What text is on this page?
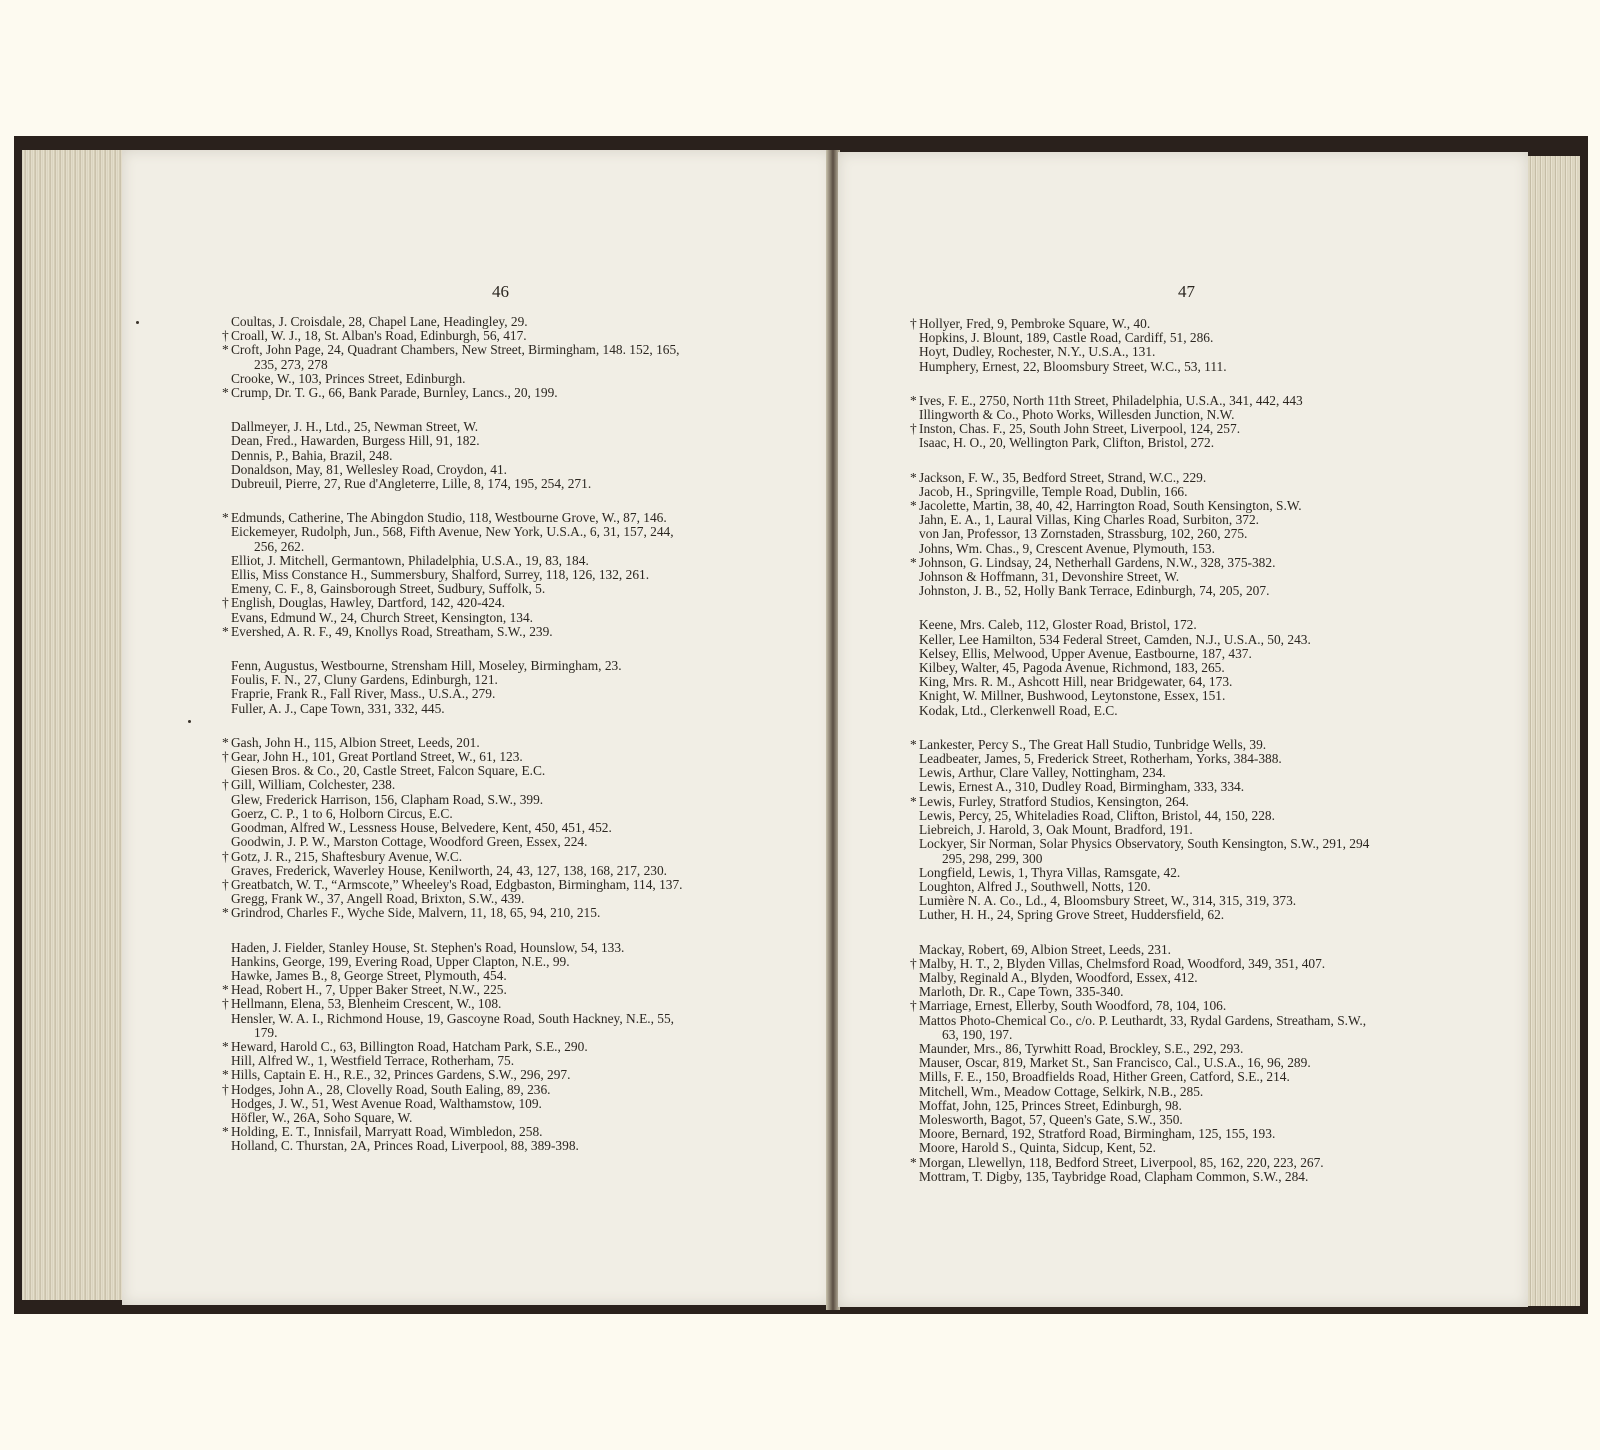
46
Coultas, J. Croisdale, 28, Chapel Lane, Headingley, 29.
† Croall, W. J., 18, St. Alban's Road, Edinburgh, 56, 417.
* Croft, John Page, 24, Quadrant Chambers, New Street, Birmingham, 148. 152, 165,
235, 273, 278
Crooke, W., 103, Princes Street, Edinburgh.
* Crump, Dr. T. G., 66, Bank Parade, Burnley, Lancs., 20, 199.
Dallmeyer, J. H., Ltd., 25, Newman Street, W.
Dean, Fred., Hawarden, Burgess Hill, 91, 182.
Dennis, P., Bahia, Brazil, 248.
Donaldson, May, 81, Wellesley Road, Croydon, 41.
Dubreuil, Pierre, 27, Rue d'Angleterre, Lille, 8, 174, 195, 254, 271.
* Edmunds, Catherine, The Abingdon Studio, 118, Westbourne Grove, W., 87, 146.
Eickemeyer, Rudolph, Jun., 568, Fifth Avenue, New York, U.S.A., 6, 31, 157, 244,
256, 262.
Elliot, J. Mitchell, Germantown, Philadelphia, U.S.A., 19, 83, 184.
Ellis, Miss Constance H., Summersbury, Shalford, Surrey, 118, 126, 132, 261.
Emeny, C. F., 8, Gainsborough Street, Sudbury, Suffolk, 5.
† English, Douglas, Hawley, Dartford, 142, 420-424.
Evans, Edmund W., 24, Church Street, Kensington, 134.
* Evershed, A. R. F., 49, Knollys Road, Streatham, S.W., 239.
Fenn, Augustus, Westbourne, Strensham Hill, Moseley, Birmingham, 23.
Foulis, F. N., 27, Cluny Gardens, Edinburgh, 121.
Fraprie, Frank R., Fall River, Mass., U.S.A., 279.
Fuller, A. J., Cape Town, 331, 332, 445.
* Gash, John H., 115, Albion Street, Leeds, 201.
† Gear, John H., 101, Great Portland Street, W., 61, 123.
Giesen Bros. & Co., 20, Castle Street, Falcon Square, E.C.
† Gill, William, Colchester, 238.
Glew, Frederick Harrison, 156, Clapham Road, S.W., 399.
Goerz, C. P., 1 to 6, Holborn Circus, E.C.
Goodman, Alfred W., Lessness House, Belvedere, Kent, 450, 451, 452.
Goodwin, J. P. W., Marston Cottage, Woodford Green, Essex, 224.
† Gotz, J. R., 215, Shaftesbury Avenue, W.C.
Graves, Frederick, Waverley House, Kenilworth, 24, 43, 127, 138, 168, 217, 230.
† Greatbatch, W. T., “Armscote,” Wheeley's Road, Edgbaston, Birmingham, 114, 137.
Gregg, Frank W., 37, Angell Road, Brixton, S.W., 439.
* Grindrod, Charles F., Wyche Side, Malvern, 11, 18, 65, 94, 210, 215.
Haden, J. Fielder, Stanley House, St. Stephen's Road, Hounslow, 54, 133.
Hankins, George, 199, Evering Road, Upper Clapton, N.E., 99.
Hawke, James B., 8, George Street, Plymouth, 454.
* Head, Robert H., 7, Upper Baker Street, N.W., 225.
† Hellmann, Elena, 53, Blenheim Crescent, W., 108.
Hensler, W. A. I., Richmond House, 19, Gascoyne Road, South Hackney, N.E., 55,
179.
* Heward, Harold C., 63, Billington Road, Hatcham Park, S.E., 290.
Hill, Alfred W., 1, Westfield Terrace, Rotherham, 75.
* Hills, Captain E. H., R.E., 32, Princes Gardens, S.W., 296, 297.
† Hodges, John A., 28, Clovelly Road, South Ealing, 89, 236.
Hodges, J. W., 51, West Avenue Road, Walthamstow, 109.
Höfler, W., 26A, Soho Square, W.
* Holding, E. T., Innisfail, Marryatt Road, Wimbledon, 258.
Holland, C. Thurstan, 2A, Princes Road, Liverpool, 88, 389-398.
47
† Hollyer, Fred, 9, Pembroke Square, W., 40.
Hopkins, J. Blount, 189, Castle Road, Cardiff, 51, 286.
Hoyt, Dudley, Rochester, N.Y., U.S.A., 131.
Humphery, Ernest, 22, Bloomsbury Street, W.C., 53, 111.
* Ives, F. E., 2750, North 11th Street, Philadelphia, U.S.A., 341, 442, 443
Illingworth & Co., Photo Works, Willesden Junction, N.W.
† Inston, Chas. F., 25, South John Street, Liverpool, 124, 257.
Isaac, H. O., 20, Wellington Park, Clifton, Bristol, 272.
* Jackson, F. W., 35, Bedford Street, Strand, W.C., 229.
Jacob, H., Springville, Temple Road, Dublin, 166.
* Jacolette, Martin, 38, 40, 42, Harrington Road, South Kensington, S.W.
Jahn, E. A., 1, Laural Villas, King Charles Road, Surbiton, 372.
von Jan, Professor, 13 Zornstaden, Strassburg, 102, 260, 275.
Johns, Wm. Chas., 9, Crescent Avenue, Plymouth, 153.
* Johnson, G. Lindsay, 24, Netherhall Gardens, N.W., 328, 375-382.
Johnson & Hoffmann, 31, Devonshire Street, W.
Johnston, J. B., 52, Holly Bank Terrace, Edinburgh, 74, 205, 207.
Keene, Mrs. Caleb, 112, Gloster Road, Bristol, 172.
Keller, Lee Hamilton, 534 Federal Street, Camden, N.J., U.S.A., 50, 243.
Kelsey, Ellis, Melwood, Upper Avenue, Eastbourne, 187, 437.
Kilbey, Walter, 45, Pagoda Avenue, Richmond, 183, 265.
King, Mrs. R. M., Ashcott Hill, near Bridgewater, 64, 173.
Knight, W. Millner, Bushwood, Leytonstone, Essex, 151.
Kodak, Ltd., Clerkenwell Road, E.C.
* Lankester, Percy S., The Great Hall Studio, Tunbridge Wells, 39.
Leadbeater, James, 5, Frederick Street, Rotherham, Yorks, 384-388.
Lewis, Arthur, Clare Valley, Nottingham, 234.
Lewis, Ernest A., 310, Dudley Road, Birmingham, 333, 334.
* Lewis, Furley, Stratford Studios, Kensington, 264.
Lewis, Percy, 25, Whiteladies Road, Clifton, Bristol, 44, 150, 228.
Liebreich, J. Harold, 3, Oak Mount, Bradford, 191.
Lockyer, Sir Norman, Solar Physics Observatory, South Kensington, S.W., 291, 294
295, 298, 299, 300
Longfield, Lewis, 1, Thyra Villas, Ramsgate, 42.
Loughton, Alfred J., Southwell, Notts, 120.
Lumière N. A. Co., Ld., 4, Bloomsbury Street, W., 314, 315, 319, 373.
Luther, H. H., 24, Spring Grove Street, Huddersfield, 62.
Mackay, Robert, 69, Albion Street, Leeds, 231.
† Malby, H. T., 2, Blyden Villas, Chelmsford Road, Woodford, 349, 351, 407.
Malby, Reginald A., Blyden, Woodford, Essex, 412.
Marloth, Dr. R., Cape Town, 335-340.
† Marriage, Ernest, Ellerby, South Woodford, 78, 104, 106.
Mattos Photo-Chemical Co., c/o. P. Leuthardt, 33, Rydal Gardens, Streatham, S.W.,
63, 190, 197.
Maunder, Mrs., 86, Tyrwhitt Road, Brockley, S.E., 292, 293.
Mauser, Oscar, 819, Market St., San Francisco, Cal., U.S.A., 16, 96, 289.
Mills, F. E., 150, Broadfields Road, Hither Green, Catford, S.E., 214.
Mitchell, Wm., Meadow Cottage, Selkirk, N.B., 285.
Moffat, John, 125, Princes Street, Edinburgh, 98.
Molesworth, Bagot, 57, Queen's Gate, S.W., 350.
Moore, Bernard, 192, Stratford Road, Birmingham, 125, 155, 193.
Moore, Harold S., Quinta, Sidcup, Kent, 52.
* Morgan, Llewellyn, 118, Bedford Street, Liverpool, 85, 162, 220, 223, 267.
Mottram, T. Digby, 135, Taybridge Road, Clapham Common, S.W., 284.
